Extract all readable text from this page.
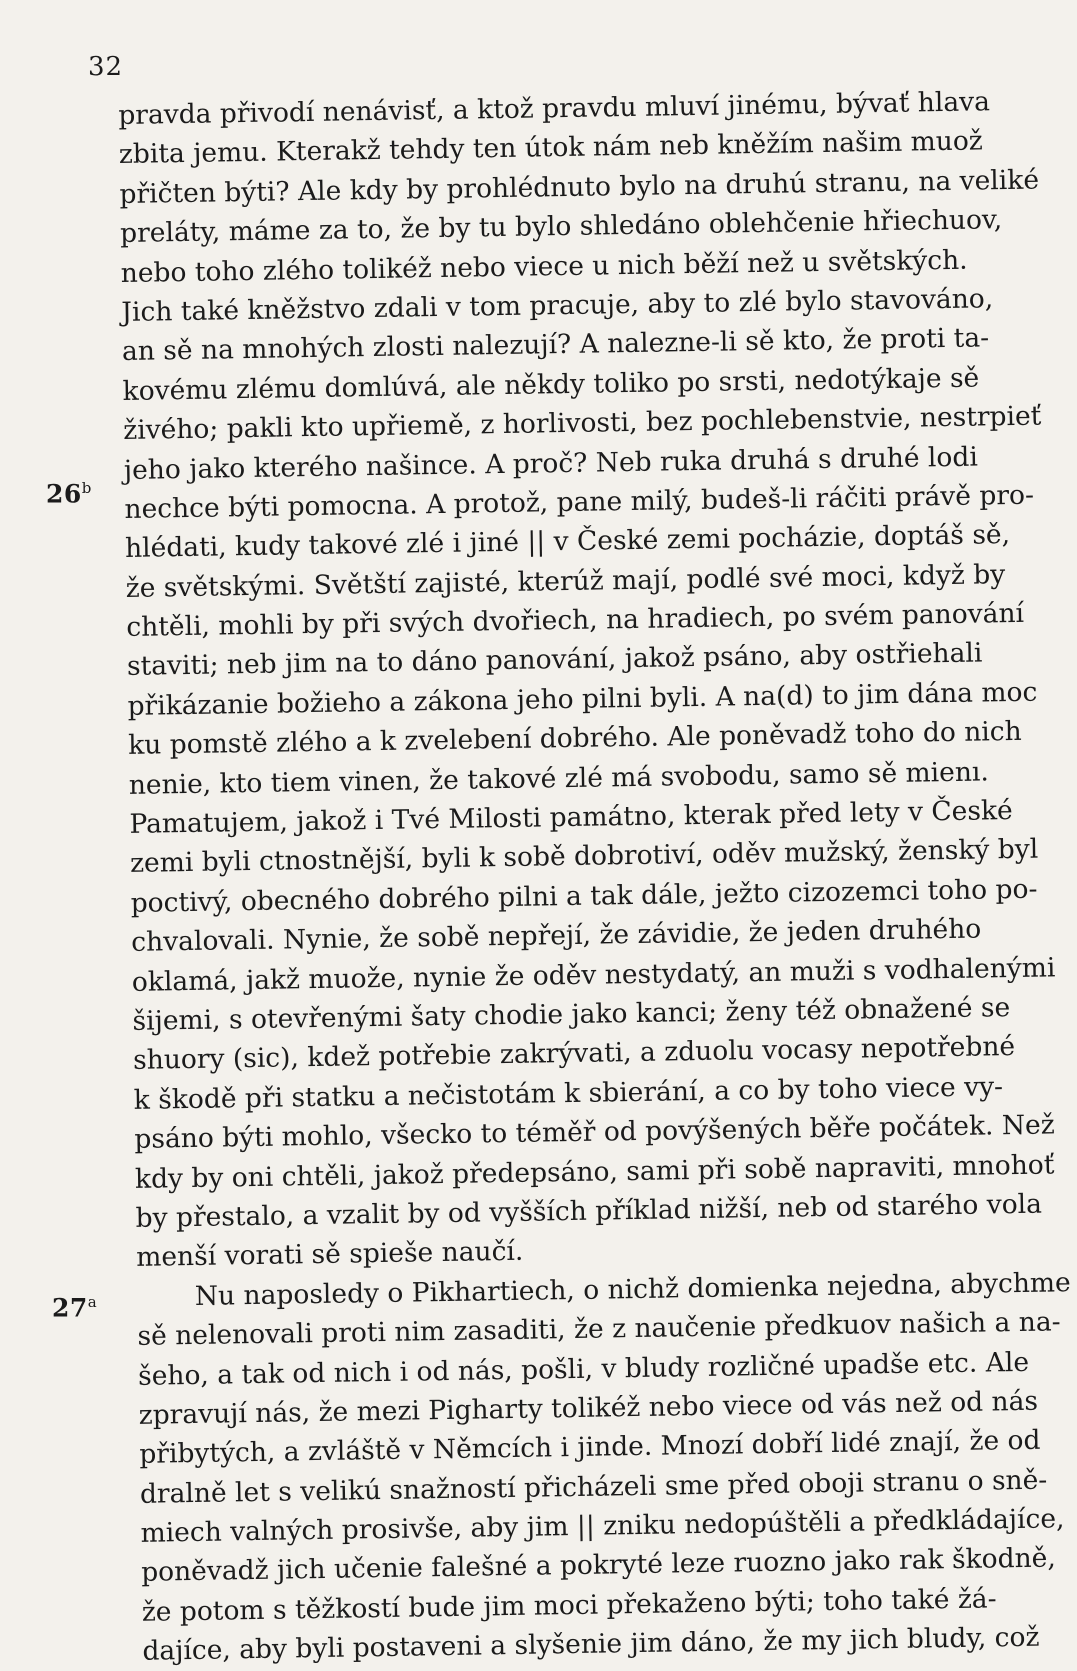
32
26$^b$
27$^a$
pravda přivodí nenávisť, a ktož pravdu mluví jinému, bývať hlava
zbita jemu. Kterakž tehdy ten útok nám neb kněžím našim muož
přičten býti? Ale kdy by prohlédnuto bylo na druhú stranu, na veliké
preláty, máme za to, že by tu bylo shledáno oblehčenie hřiechuov,
nebo toho zlého tolikéž nebo viece u nich běží než u světských.
Jich také kněžstvo zdali v tom pracuje, aby to zlé bylo stavováno,
an sě na mnohých zlosti nalezují? A nalezne-li sě kto, že proti ta-
kovému zlému domlúvá, ale někdy toliko po srsti, nedotýkaje sě
živého; pakli kto upřiemě, z horlivosti, bez pochlebenstvie, nestrpieť
jeho jako kterého našince. A proč? Neb ruka druhá s druhé lodi
nechce býti pomocna. A protož, pane milý, budeš-li ráčiti právě pro-
hlédati, kudy takové zlé i jiné || v České zemi pocházie, doptáš sě,
že světskými. Světští zajisté, kterúž mají, podlé své moci, když by
chtěli, mohli by při svých dvořiech, na hradiech, po svém panování
staviti; neb jim na to dáno panování, jakož psáno, aby ostřiehali
přikázanie božieho a zákona jeho pilni byli. A na(d) to jim dána moc
ku pomstě zlého a k zvelebení dobrého. Ale poněvadž toho do nich
nenie, kto tiem vinen, že takové zlé má svobodu, samo sě mienı.
Pamatujem, jakož i Tvé Milosti památno, kterak před lety v České
zemi byli ctnostnější, byli k sobě dobrotiví, oděv mužský, ženský byl
poctivý, obecného dobrého pilni a tak dále, ježto cizozemci toho po-
chvalovali. Nynie, že sobě nepřejí, že závidie, že jeden druhého
oklamá, jakž muože, nynie že oděv nestydatý, an muži s vodhalenými
šijemi, s otevřenými šaty chodie jako kanci; ženy též obnažené se
shuory (sic), kdež potřebie zakrývati, a zduolu vocasy nepotřebné
k škodě při statku a nečistotám k sbierání, a co by toho viece vy-
psáno býti mohlo, všecko to téměř od povýšených běře počátek. Než
kdy by oni chtěli, jakož předepsáno, sami při sobě napraviti, mnohoť
by přestalo, a vzalit by od vyšších příklad nižší, neb od starého vola
menší vorati sě spieše naučí.
Nu naposledy o Pikhartiech, o nichž domienka nejedna, abychme
sě nelenovali proti nim zasaditi, že z naučenie předkuov našich a na-
šeho, a tak od nich i od nás, pošli, v bludy rozličné upadše etc. Ale
zpravují nás, že mezi Pigharty tolikéž nebo viece od vás než od nás
přibytých, a zvláště v Němcích i jinde. Mnozí dobří lidé znají, že od
dralně let s velikú snažností přicházeli sme před oboji stranu o sně-
miech valných prosivše, aby jim || zniku nedopúštěli a předkládajíce,
poněvadž jich učenie falešné a pokryté leze ruozno jako rak škodně,
že potom s těžkostí bude jim moci překaženo býti; toho také žá-
dajíce, aby byli postaveni a slyšenie jim dáno, že my jich bludy, což
